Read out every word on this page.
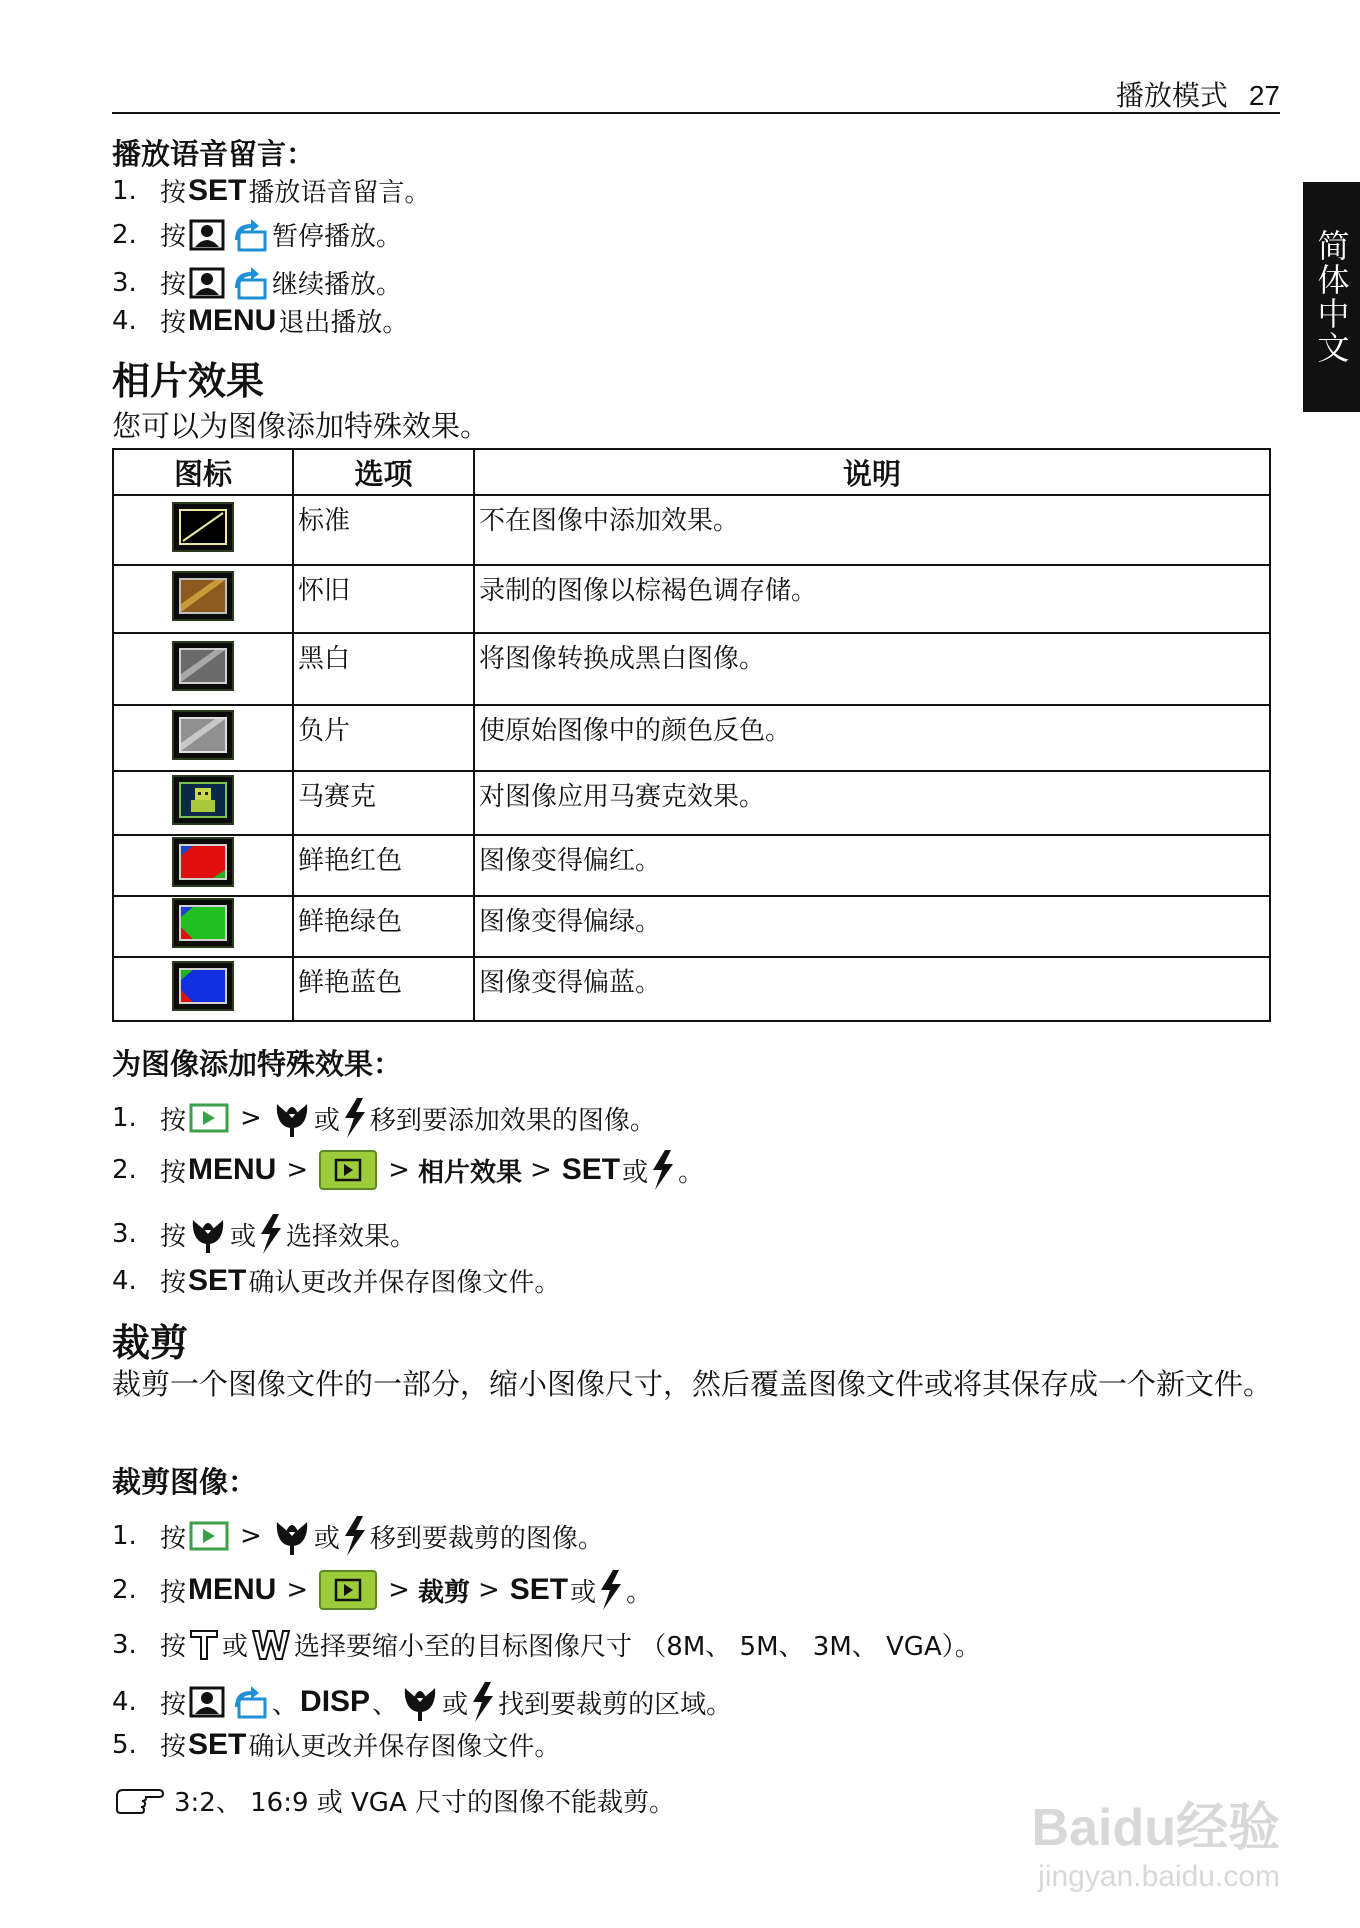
播放模式 27
简体中文
播放语音留言：
1. 按 SET 播放语音留言。
2. 按	暂停播放。
3. 按	继续播放。
4. 按 MENU 退出播放。
相片效果
您可以为图像添加特殊效果。
图标	选项	说明

	标准	不在图像中添加效果。

	怀旧	录制的图像以棕褐色调存储。

	黑白	将图像转换成黑白图像。

	负片	使原始图像中的颜色反色。

	马赛克	对图像应用马赛克效果。

	鲜艳红色	图像变得偏红。

	鲜艳绿色	图像变得偏绿。

	鲜艳蓝色	图像变得偏蓝。
为图像添加特殊效果：
1. 按 > 或 移到要添加效果的图像。
2. 按 MENU >	> 相片效果 > SET 或 。
3. 按 或 选择效果。
4. 按 SET 确认更改并保存图像文件。
裁剪
裁剪一个图像文件的一部分，缩小图像尺寸，然后覆盖图像文件或将其保存成一个新文件。
裁剪图像：
1. 按 > 或 移到要裁剪的图像。
2. 按 MENU >	> 裁剪 > SET 或 。
3. 按 或 选择要缩小至的目标图像尺寸 （8M、 5M、 3M、 VGA）。
4. 按	、 DISP 、 或 找到要裁剪的区域。
5. 按 SET 确认更改并保存图像文件。
3:2、 16:9 或 VGA 尺寸的图像不能裁剪。	Baidu经验
jingyan.baidu.com
